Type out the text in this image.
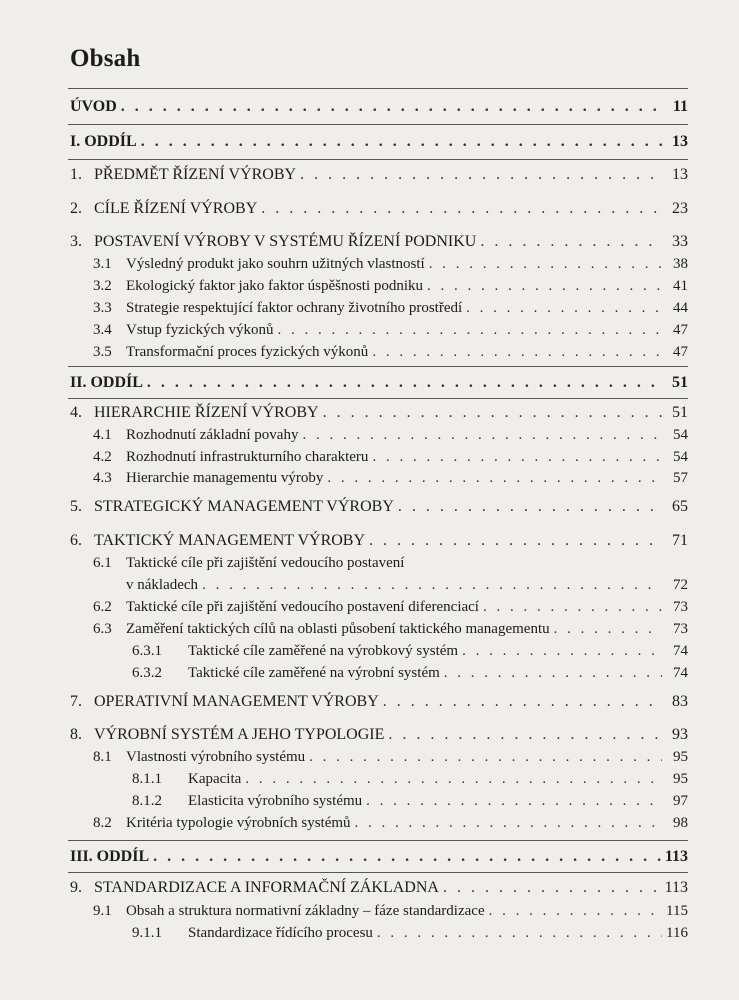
Obsah
ÚVOD . . .	11
I. ODDÍL . . .	13
1. PŘEDMĚT ŘÍZENÍ VÝROBY . . .	13
2. CÍLE ŘÍZENÍ VÝROBY . . .	23
3. POSTAVENÍ VÝROBY V SYSTÉMU ŘÍZENÍ PODNIKU . . .	33
3.1 Výsledný produkt jako souhrn užitných vlastností . . .	38
3.2 Ekologický faktor jako faktor úspěšnosti podniku . . .	41
3.3 Strategie respektující faktor ochrany životního prostředí . . .	44
3.4 Vstup fyzických výkonů . . .	47
3.5 Transformační proces fyzických výkonů . . .	47
II. ODDÍL . . .	51
4. HIERARCHIE ŘÍZENÍ VÝROBY . . .	51
4.1 Rozhodnutí základní povahy . . .	54
4.2 Rozhodnutí infrastrukturního charakteru . . .	54
4.3 Hierarchie managementu výroby . . .	57
5. STRATEGICKÝ MANAGEMENT VÝROBY . . .	65
6. TAKTICKÝ MANAGEMENT VÝROBY . . .	71
6.1 Taktické cíle při zajištění vedoucího postavení
v nákladech . . .	72
6.2 Taktické cíle při zajištění vedoucího postavení diferenciací . . .	73
6.3 Zaměření taktických cílů na oblasti působení taktického managementu . . .	73
6.3.1	Taktické cíle zaměřené na výrobkový systém . . .	74
6.3.2	Taktické cíle zaměřené na výrobní systém . . .	74
7. OPERATIVNÍ MANAGEMENT VÝROBY . . .	83
8. VÝROBNÍ SYSTÉM A JEHO TYPOLOGIE . . .	93
8.1 Vlastnosti výrobního systému . . .	95
8.1.1	Kapacita . . .	95
8.1.2	Elasticita výrobního systému . . .	97
8.2 Kritéria typologie výrobních systémů . . .	98
III. ODDÍL . . .	113
9. STANDARDIZACE A INFORMAČNÍ ZÁKLADNA . . .	113
9.1 Obsah a struktura normativní základny – fáze standardizace . . .	115
9.1.1	Standardizace řídícího procesu . . .	116
